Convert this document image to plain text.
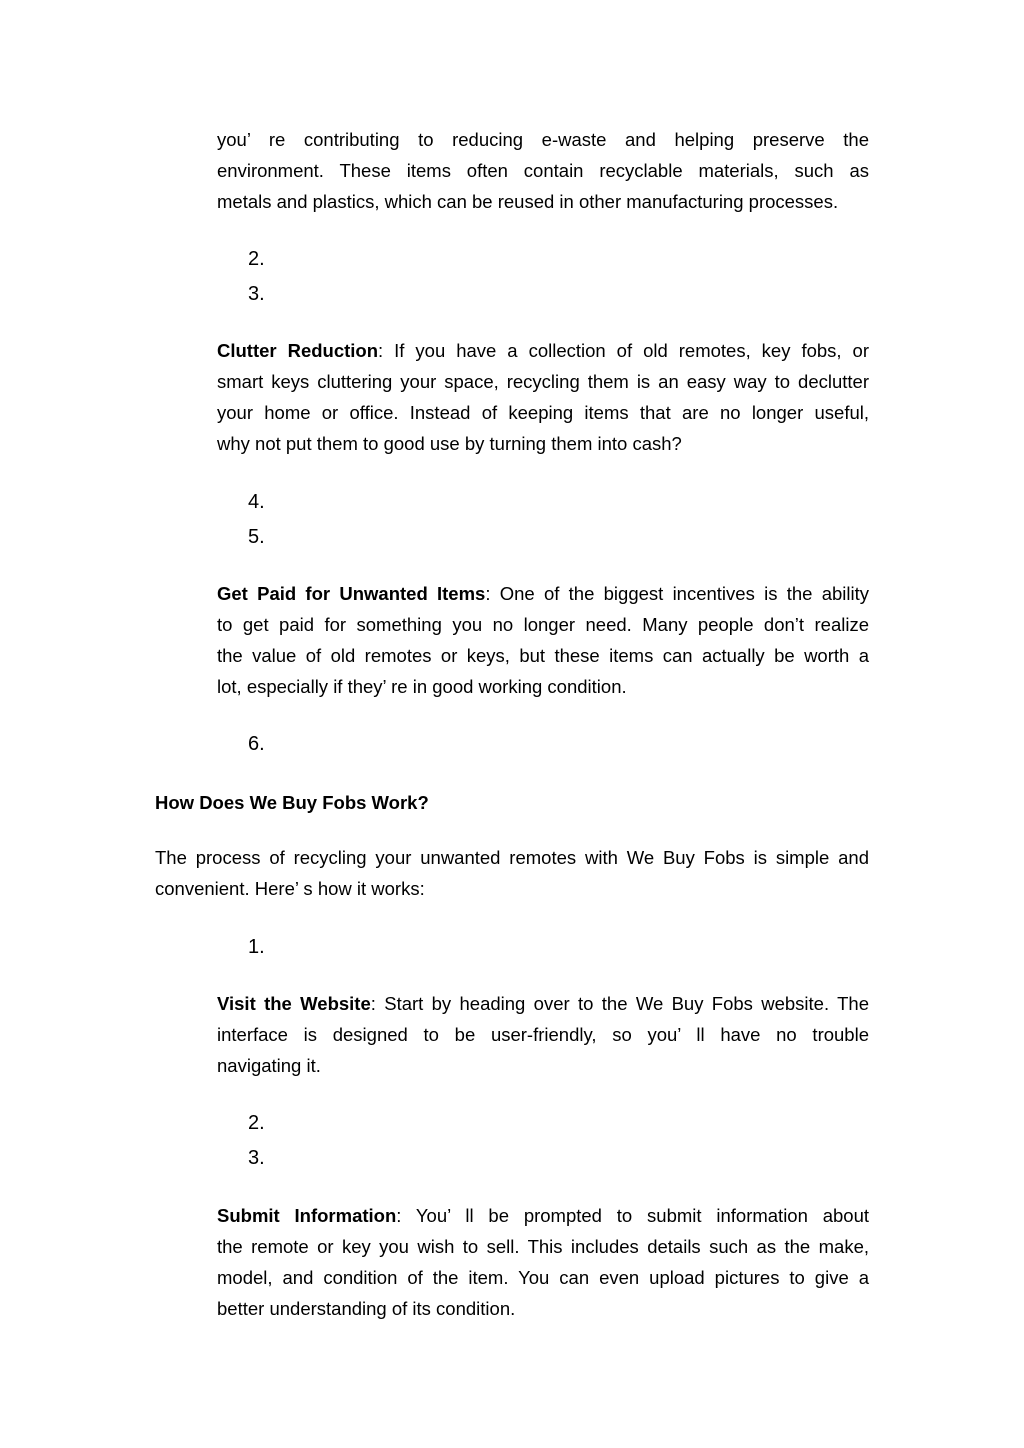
you’ re contributing to reducing e-waste and helping preserve the
environment. These items often contain recyclable materials, such as
metals and plastics, which can be reused in other manufacturing processes.
2.
3.
Clutter Reduction: If you have a collection of old remotes, key fobs, or
smart keys cluttering your space, recycling them is an easy way to declutter
your home or office. Instead of keeping items that are no longer useful,
why not put them to good use by turning them into cash?
4.
5.
Get Paid for Unwanted Items: One of the biggest incentives is the ability
to get paid for something you no longer need. Many people don’t realize
the value of old remotes or keys, but these items can actually be worth a
lot, especially if they’ re in good working condition.
6.
How Does We Buy Fobs Work?
The process of recycling your unwanted remotes with We Buy Fobs is simple and
convenient. Here’ s how it works:
1.
Visit the Website: Start by heading over to the We Buy Fobs website. The
interface is designed to be user-friendly, so you’ ll have no trouble
navigating it.
2.
3.
Submit Information: You’ ll be prompted to submit information about
the remote or key you wish to sell. This includes details such as the make,
model, and condition of the item. You can even upload pictures to give a
better understanding of its condition.
